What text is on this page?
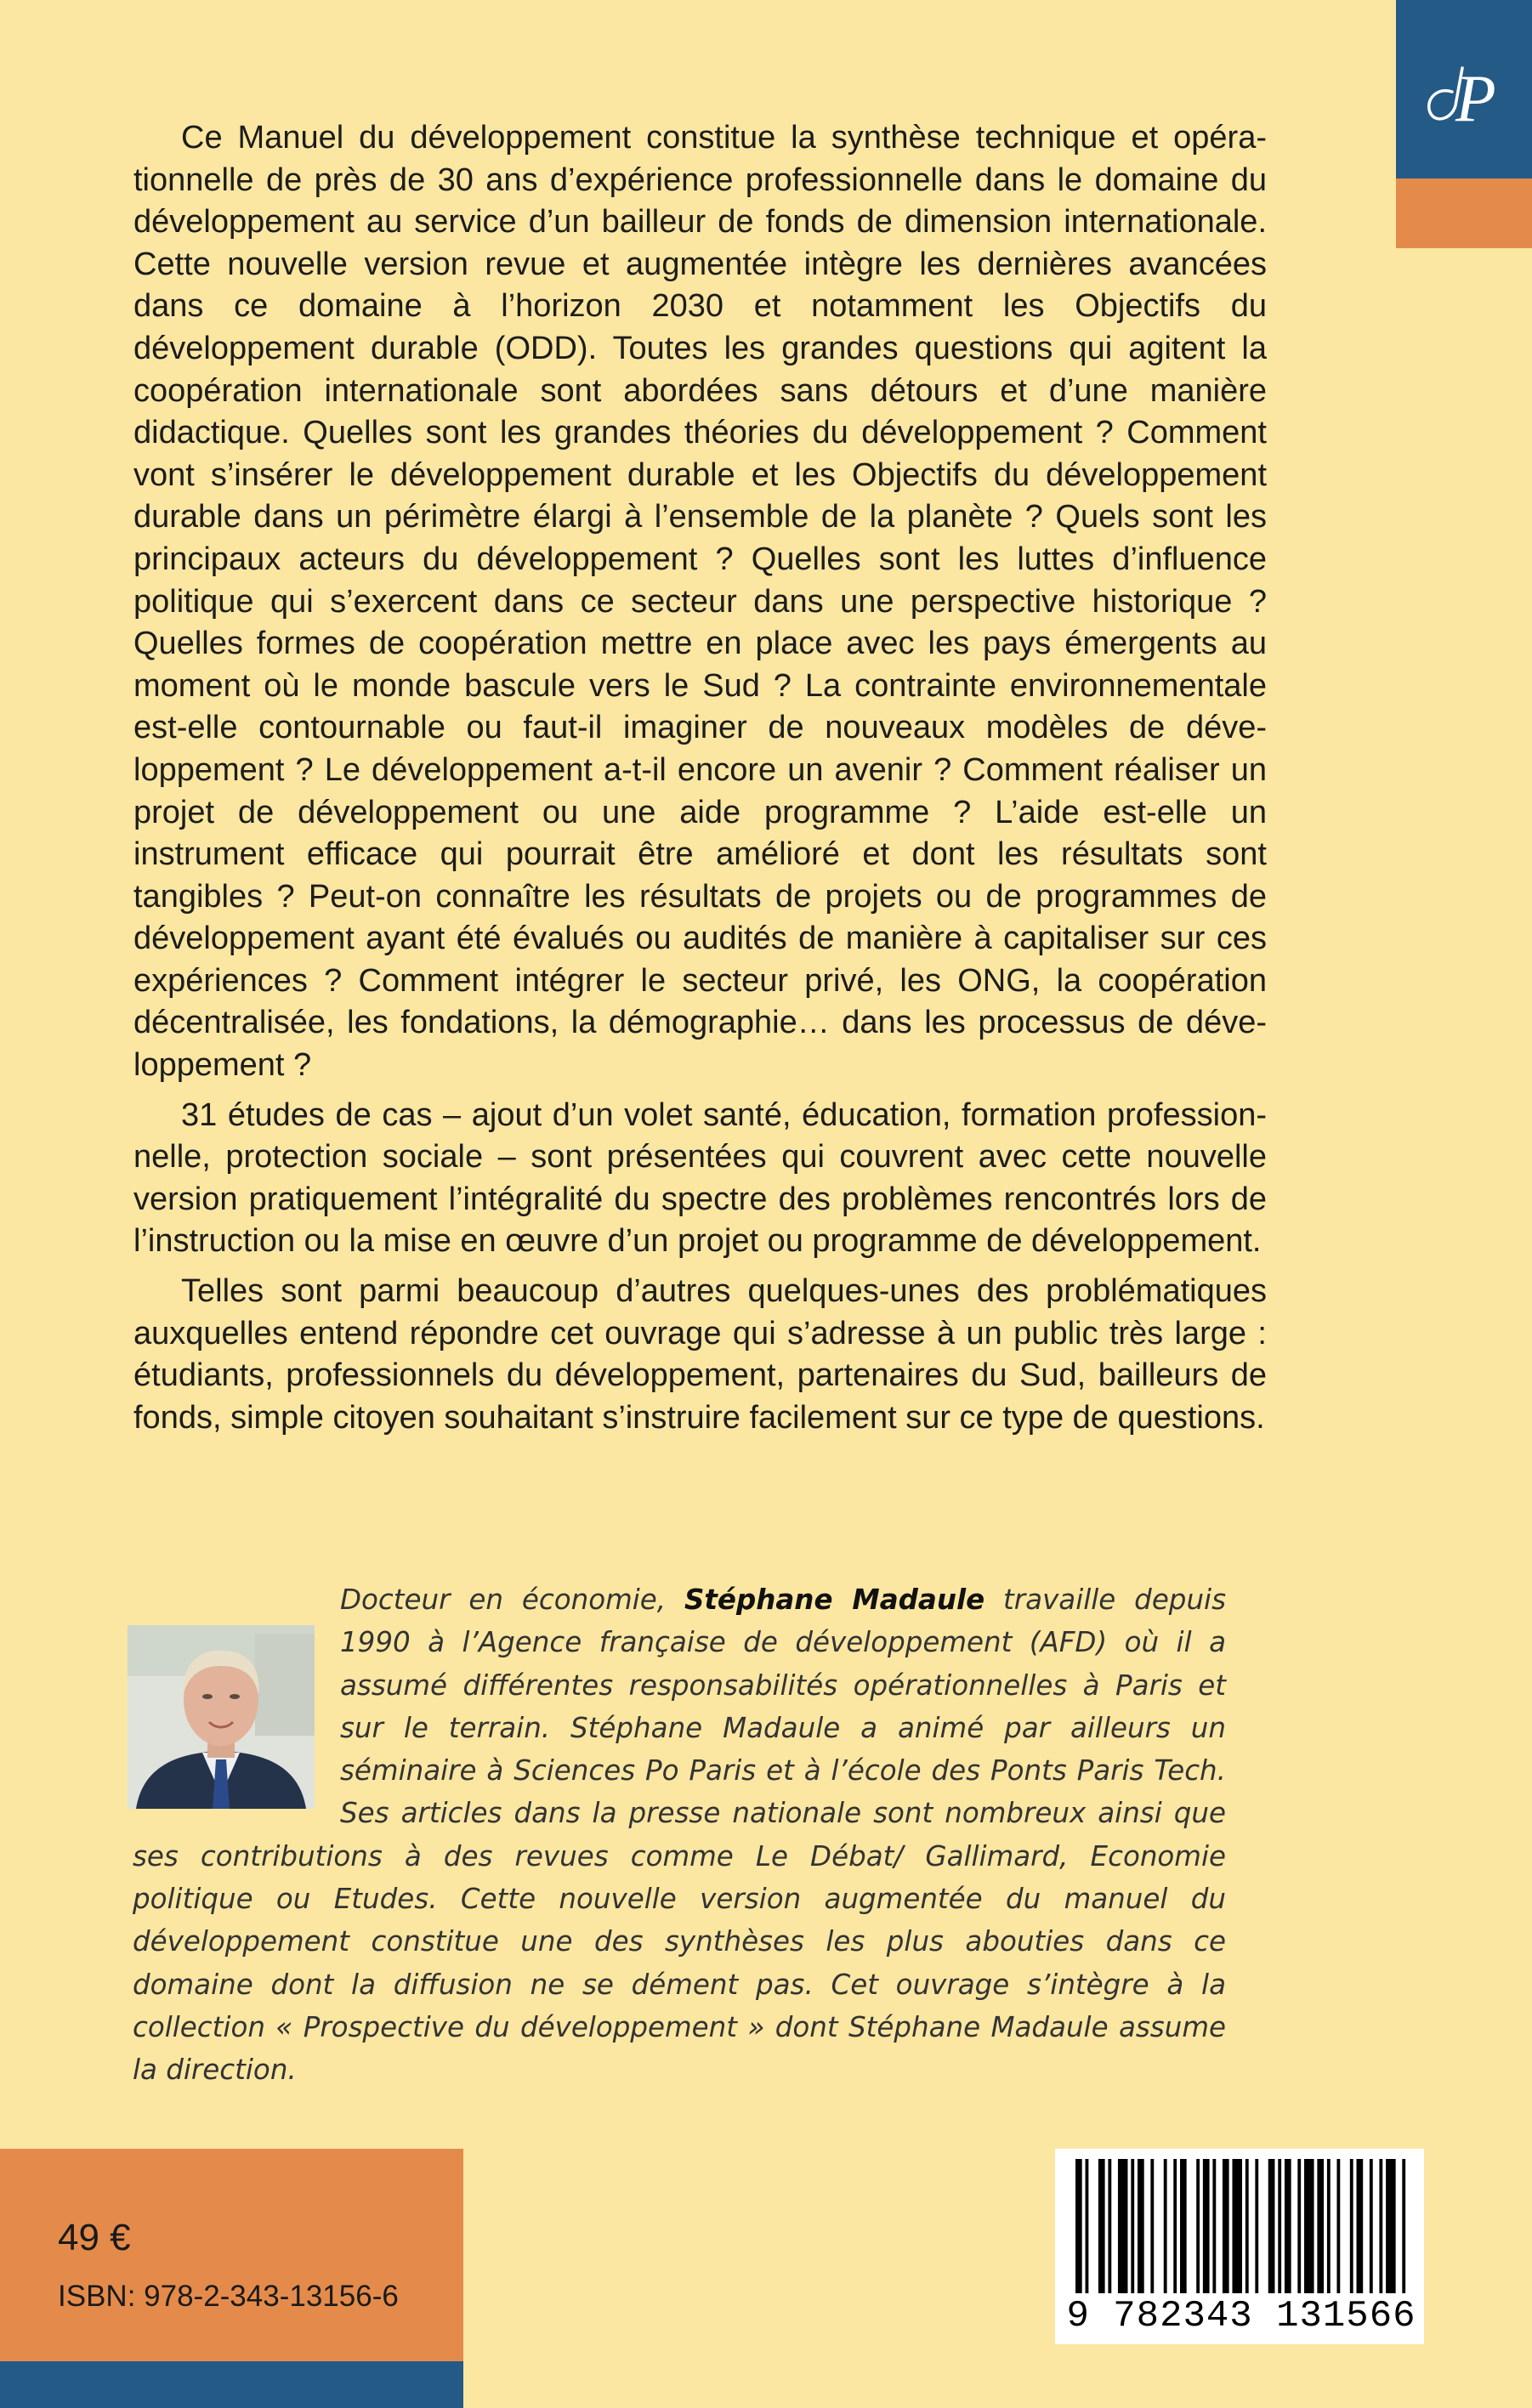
P

Ce Manuel du développement constitue la synthèse technique et opérationnelle de près de 30 ans d’expérience professionnelle dans le domaine du développement au service d’un bailleur de fonds de dimension internationale. Cette nouvelle version revue et augmentée intègre les dernières avancées dans ce domaine à l’horizon 2030 et notamment les Objectifs du développement durable (ODD). Toutes les grandes questions qui agitent la coopération internationale sont abordées sans détours et d’une manière didactique. Quelles sont les grandes théories du développement ? Comment vont s’insérer le développement durable et les Objectifs du développement durable dans un périmètre élargi à l’ensemble de la planète ? Quels sont les principaux acteurs du développement ? Quelles sont les luttes d’influence politique qui s’exercent dans ce secteur dans une perspective historique ? Quelles formes de coopération mettre en place avec les pays émergents au moment où le monde bascule vers le Sud ? La contrainte environnementale est-elle contournable ou faut-il imaginer de nouveaux modèles de développement ? Le développement a-t-il encore un avenir ? Comment réaliser un projet de développement ou une aide programme ? L’aide est-elle un instrument efficace qui pourrait être amélioré et dont les résultats sont tangibles ? Peut-on connaître les résultats de projets ou de programmes de développement ayant été évalués ou audités de manière à capitaliser sur ces expériences ? Comment intégrer le secteur privé, les ONG, la coopération décentralisée, les fondations, la démographie… dans les processus de développement ?

31 études de cas – ajout d’un volet santé, éducation, formation professionnelle, protection sociale – sont présentées qui couvrent avec cette nouvelle version pratiquement l’intégralité du spectre des problèmes rencontrés lors de l’instruction ou la mise en œuvre d’un projet ou programme de développement.

Telles sont parmi beaucoup d’autres quelques-unes des problématiques auxquelles entend répondre cet ouvrage qui s’adresse à un public très large : étudiants, professionnels du développement, partenaires du Sud, bailleurs de fonds, simple citoyen souhaitant s’instruire facilement sur ce type de questions.

Docteur en économie, Stéphane Madaule travaille depuis 1990 à l’Agence française de développement (AFD) où il a assumé différentes responsabilités opérationnelles à Paris et sur le terrain. Stéphane Madaule a animé par ailleurs un séminaire à Sciences Po Paris et à l’école des Ponts Paris Tech. Ses articles dans la presse nationale sont nombreux ainsi que ses contributions à des revues comme Le Débat/ Gallimard, Economie politique ou Etudes. Cette nouvelle version augmentée du manuel du développement constitue une des synthèses les plus abouties dans ce domaine dont la diffusion ne se dément pas. Cet ouvrage s’intègre à la collection « Prospective du développement » dont Stéphane Madaule assume la direction.

49 €
ISBN: 978-2-343-13156-6	9 782343 131566
